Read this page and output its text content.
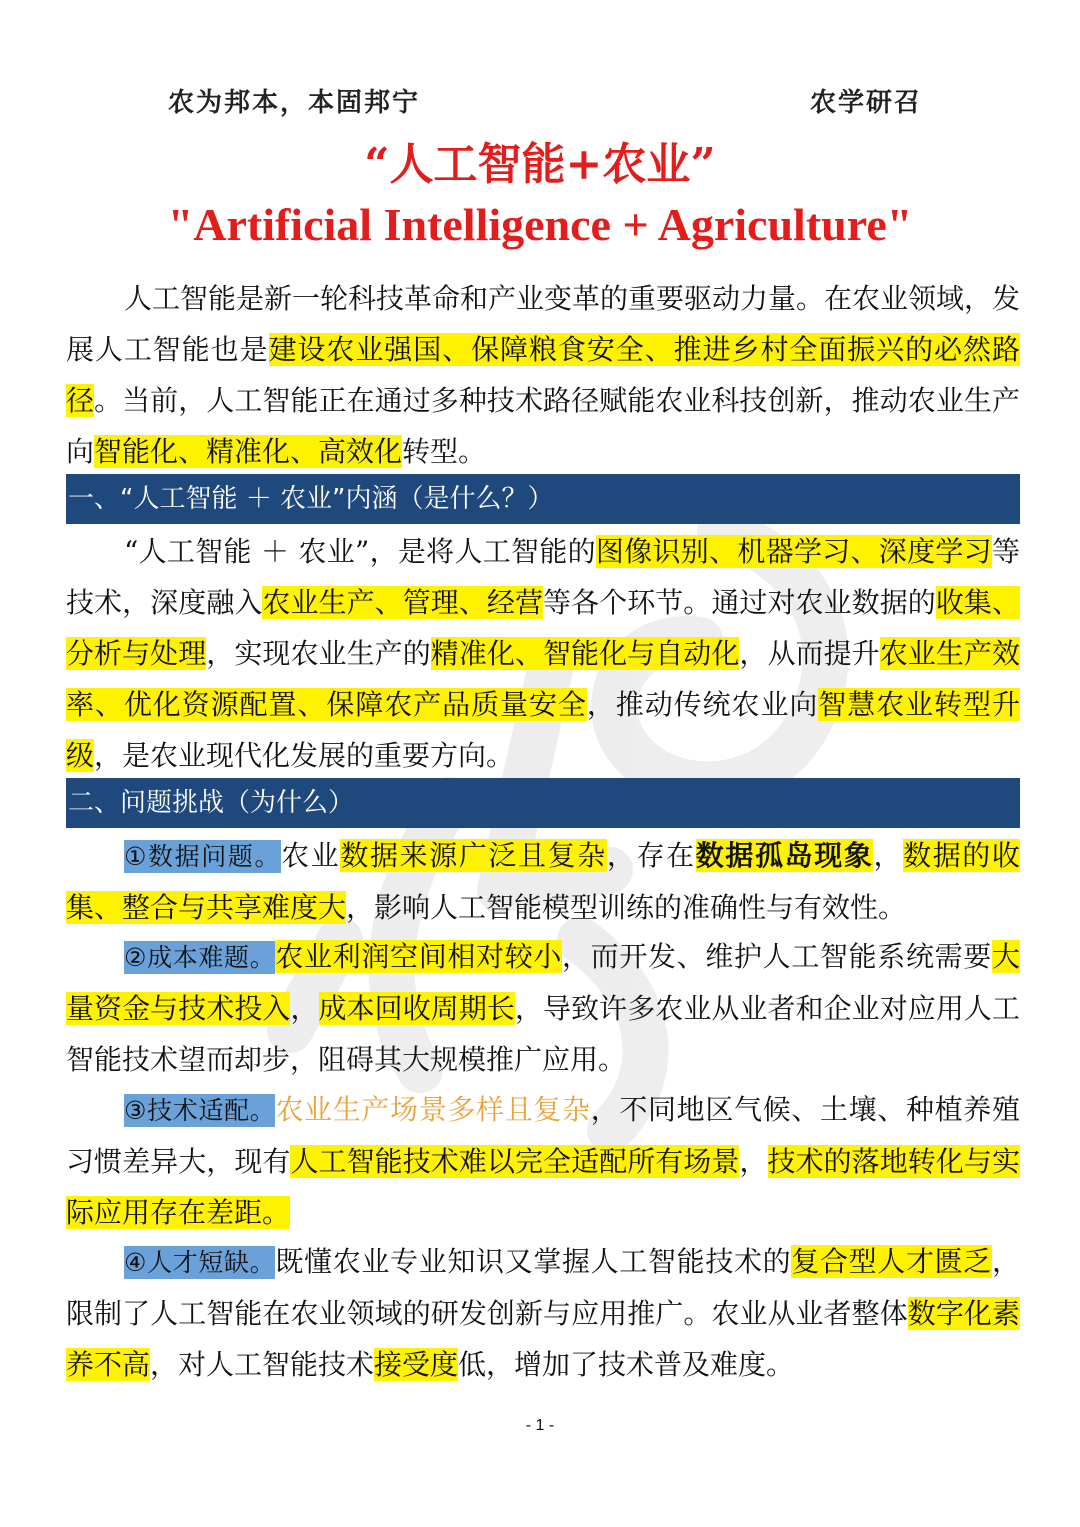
农为邦本，本固邦宁	农学研召
“人工智能+农业”
"Artificial Intelligence + Agriculture"

人工智能是新一轮科技革命和产业变革的重要驱动力量。在农业领域，发展人工智能也是建设农业强国、保障粮食安全、推进乡村全面振兴的必然路径。当前，人工智能正在通过多种技术路径赋能农业科技创新，推动农业生产向智能化、精准化、高效化转型。

一、“人工智能 ＋ 农业”内涵（是什么？）

“人工智能 ＋ 农业”，是将人工智能的图像识别、机器学习、深度学习等技术，深度融入农业生产、管理、经营等各个环节。通过对农业数据的收集、分析与处理，实现农业生产的精准化、智能化与自动化，从而提升农业生产效率、优化资源配置、保障农产品质量安全，推动传统农业向智慧农业转型升级，是农业现代化发展的重要方向。

二、问题挑战（为什么）

①数据问题。农业数据来源广泛且复杂，存在数据孤岛现象，数据的收集、整合与共享难度大，影响人工智能模型训练的准确性与有效性。

②成本难题。农业利润空间相对较小，而开发、维护人工智能系统需要大量资金与技术投入，成本回收周期长，导致许多农业从业者和企业对应用人工智能技术望而却步，阻碍其大规模推广应用。

③技术适配。农业生产场景多样且复杂，不同地区气候、土壤、种植养殖习惯差异大，现有人工智能技术难以完全适配所有场景，技术的落地转化与实际应用存在差距。

④人才短缺。既懂农业专业知识又掌握人工智能技术的复合型人才匮乏，限制了人工智能在农业领域的研发创新与应用推广。农业从业者整体数字化素养不高，对人工智能技术接受度低，增加了技术普及难度。

- 1 -
